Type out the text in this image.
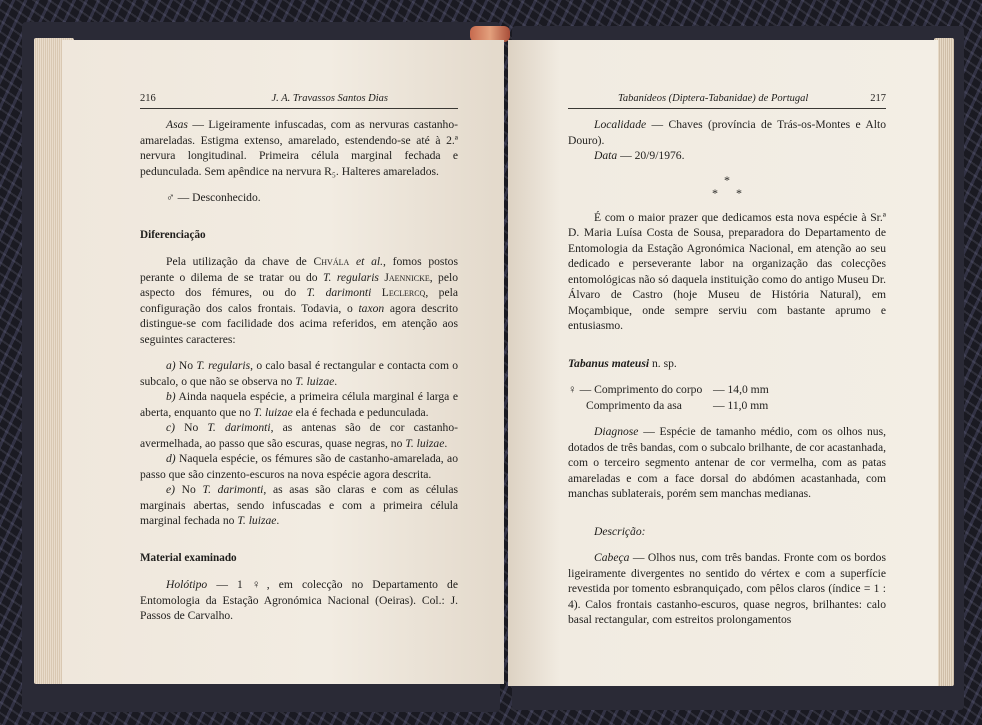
216	J. A. Travassos Santos Dias

Asas — Ligeiramente infuscadas, com as nervuras castanho-amareladas. Estigma extenso, amarelado, estendendo-se até à 2.ª nervura longitudinal. Primeira célula marginal fechada e pedunculada. Sem apêndice na nervura R₅. Halteres amarelados.

♂ — Desconhecido.

Diferenciação

Pela utilização da chave de Chvála et al., fomos postos perante o dilema de se tratar ou do T. regularis Jaennicke, pelo aspecto dos fémures, ou do T. darimonti Leclercq, pela configuração dos calos frontais. Todavia, o taxon agora descrito distingue-se com facilidade dos acima referidos, em atenção aos seguintes caracteres:

a) No T. regularis, o calo basal é rectangular e contacta com o subcalo, o que não se observa no T. luizae.

b) Ainda naquela espécie, a primeira célula marginal é larga e aberta, enquanto que no T. luizae ela é fechada e pedunculada.

c) No T. darimonti, as antenas são de cor castanho-avermelhada, ao passo que são escuras, quase negras, no T. luizae.

d) Naquela espécie, os fémures são de castanho-amarelada, ao passo que são cinzento-escuros na nova espécie agora descrita.

e) No T. darimonti, as asas são claras e com as células marginais abertas, sendo infuscadas e com a primeira célula marginal fechada no T. luizae.

Material examinado

Holótipo — 1 ♀, em colecção no Departamento de Entomologia da Estação Agronómica Nacional (Oeiras). Col.: J. Passos de Carvalho.

Tabanídeos (Diptera-Tabanidae) de Portugal	217

Localidade — Chaves (província de Trás-os-Montes e Alto Douro).

Data — 20/9/1976.

*
*      *

É com o maior prazer que dedicamos esta nova espécie à Sr.ª D. Maria Luísa Costa de Sousa, preparadora do Departamento de Entomologia da Estação Agronómica Nacional, em atenção ao seu dedicado e perseverante labor na organização das colecções entomológicas não só daquela instituição como do antigo Museu Dr. Álvaro de Castro (hoje Museu de História Natural), em Moçambique, onde sempre serviu com bastante aprumo e entusiasmo.

Tabanus mateusi n. sp.

♀ — Comprimento do corpo — 14,0 mm
Comprimento da asa	— 11,0 mm

Diagnose — Espécie de tamanho médio, com os olhos nus, dotados de três bandas, com o subcalo brilhante, de cor acastanhada, com o terceiro segmento antenar de cor vermelha, com as patas amareladas e com a face dorsal do abdómen acastanhada, com manchas sublaterais, porém sem manchas medianas.

Descrição:

Cabeça — Olhos nus, com três bandas. Fronte com os bordos ligeiramente divergentes no sentido do vértex e com a superfície revestida por tomento esbranquiçado, com pêlos claros (índice = 1 : 4). Calos frontais castanho-escuros, quase negros, brilhantes: calo basal rectangular, com estreitos prolongamentos
